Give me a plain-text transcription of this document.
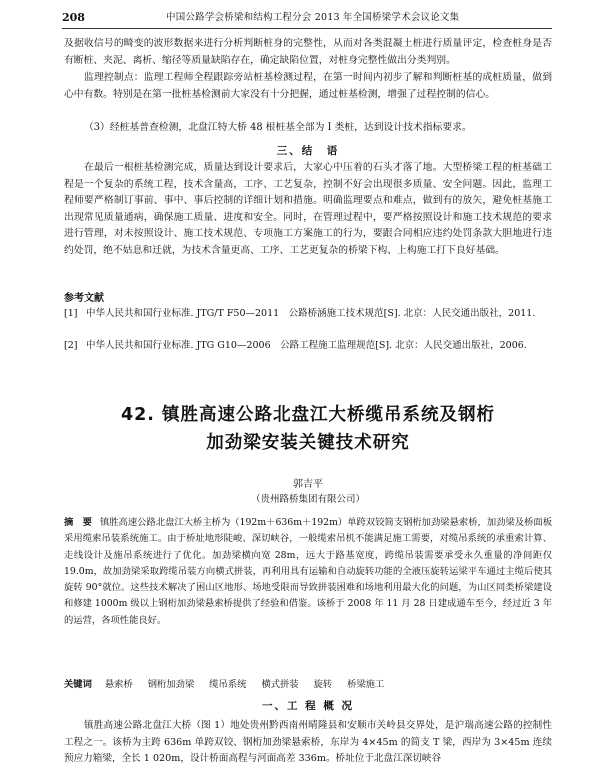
208	中国公路学会桥梁和结构工程分会 2013 年全国桥梁学术会议论文集

及据收信号的畸变的波形数据来进行分析判断桩身的完整性，从而对各类混凝土桩进行质量评定，检查桩身是否有断桩、夹泥、离析、缩径等质量缺陷存在，确定缺陷位置，对桩身完整性做出分类判别。

监理控制点：监理工程师全程跟踪旁站桩基检测过程，在第一时间内初步了解和判断桩基的成桩质量，做到心中有数。特别是在第一批桩基检测前大家没有十分把握，通过桩基检测，增强了过程控制的信心。

（3）经桩基普查检测，北盘江特大桥 48 根桩基全部为 I 类桩，达到设计技术指标要求。

三、结　语

在最后一根桩基检测完成，质量达到设计要求后，大家心中压着的石头才落了地。大型桥梁工程的桩基础工程是一个复杂的系统工程，技术含量高，工序、工艺复杂，控制不好会出现很多质量、安全问题。因此，监理工程师要严格制订事前、事中、事后控制的详细计划和措施。明确监理要点和难点，做到有的放矢，避免桩基施工出现常见质量通病，确保施工质量、进度和安全。同时，在管理过程中，要严格按照设计和施工技术规范的要求进行管理，对未按照设计、施工技术规范、专项施工方案施工的行为，要跟合同相应违约处罚条款大胆地进行违约处罚，绝不姑息和迁就，为技术含量更高、工序、工艺更复杂的桥梁下构、上构施工打下良好基础。

参考文献
[1] 中华人民共和国行业标准. JTG/T F50—2011　公路桥涵施工技术规范[S]. 北京：人民交通出版社，2011.
[2] 中华人民共和国行业标准. JTG G10—2006　公路工程施工监理规范[S]. 北京：人民交通出版社，2006.
42. 镇胜高速公路北盘江大桥缆吊系统及钢桁
加劲梁安装关键技术研究
郭吉平
（贵州路桥集团有限公司）

摘　要 镇胜高速公路北盘江大桥主桥为（192m＋636m＋192m）单跨双铰简支钢桁加劲梁悬索桥，加劲梁及桥面板采用缆索吊装系统施工。由于桥址地形陡峻、深切峡谷，一般缆索吊机不能满足施工需要，对缆吊系统的承重索计算、走线设计及施吊系统进行了优化。加劲梁横向宽 28m，远大于路基宽度，跨缆吊装需要承受永久重量的净间距仅 19.0m，故加劲梁采取跨缆吊装方向横式拼装，再利用具有运输和自动旋转功能的全液压旋转运梁平车通过主缆后使其旋转 90°就位。这些技术解决了困山区地形、场地受限而导致拼装困难和场地利用最大化的问题，为山区同类桥梁建设和修建 1000m 级以上钢桁加劲梁悬索桥提供了经验和借鉴。该桥于 2008 年 11 月 28 日建成通车至今，经过近 3 年的运营，各项性能良好。

关键词 悬索桥 钢桁加劲梁 缆吊系统 横式拼装 旋转 桥梁施工
一、工 程 概 况

镇胜高速公路北盘江大桥（图 1）地处贵州黔西南州晴隆县和安顺市关岭县交界处，是沪瑞高速公路的控制性工程之一。该桥为主跨 636m 单跨双铰、钢桁加劲梁悬索桥，东岸为 4×45m 的简支 T 梁，西岸为 3×45m 连续预应力箱梁，全长 1 020m，设计桥面高程与河面高差 336m。桥址位于北盘江深切峡谷
